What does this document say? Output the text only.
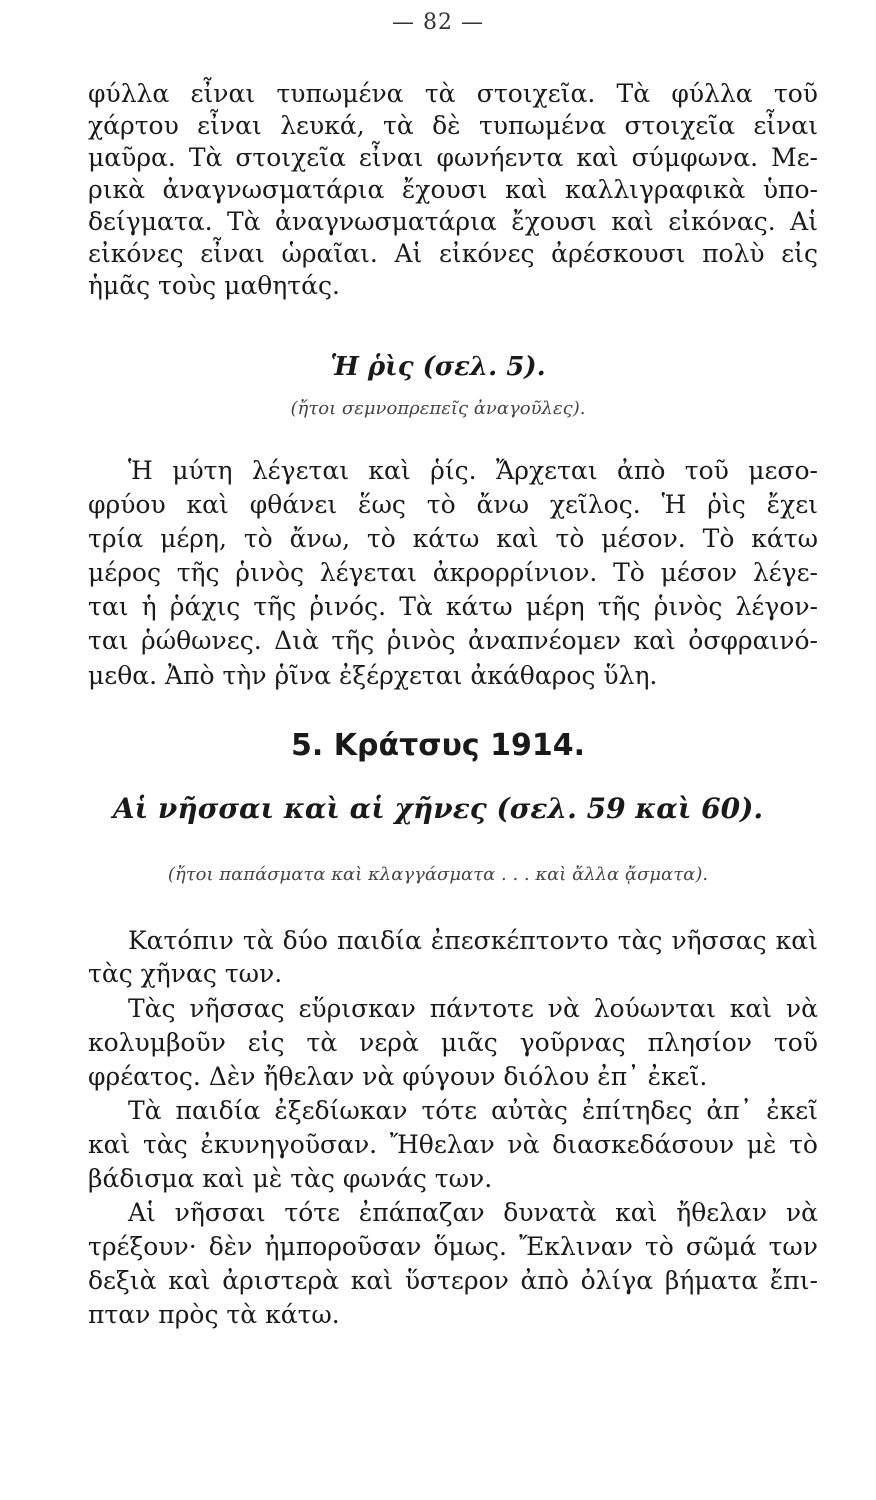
— 82 —
φύλλα εἶναι τυπωμένα τὰ στοιχεῖα. Τὰ φύλλα τοῦ
χάρτου εἶναι λευκά, τὰ δὲ τυπωμένα στοιχεῖα εἶναι
μαῦρα. Τὰ στοιχεῖα εἶναι φωνήεντα καὶ σύμφωνα. Με-
ρικὰ ἀναγνωσματάρια ἔχουσι καὶ καλλιγραφικὰ ὑπο-
δείγματα. Τὰ ἀναγνωσματάρια ἔχουσι καὶ εἰκόνας. Αἱ
εἰκόνες εἶναι ὡραῖαι. Αἱ εἰκόνες ἀρέσκουσι πολὺ εἰς
ἡμᾶς τοὺς μαθητάς.
Ἡ ῥὶς (σελ. 5).
(ἤτοι σεμνοπρεπεῖς ἀναγοῦλες).
Ἡ μύτη λέγεται καὶ ῥίς. Ἄρχεται ἀπὸ τοῦ μεσο-
φρύου καὶ φθάνει ἕως τὸ ἄνω χεῖλος. Ἡ ῥὶς ἔχει
τρία μέρη, τὸ ἄνω, τὸ κάτω καὶ τὸ μέσον. Τὸ κάτω
μέρος τῆς ῥινὸς λέγεται ἀκρορρίνιον. Τὸ μέσον λέγε-
ται ἡ ῥάχις τῆς ῥινός. Τὰ κάτω μέρη τῆς ῥινὸς λέγον-
ται ῥώθωνες. Διὰ τῆς ῥινὸς ἀναπνέομεν καὶ ὀσφραινό-
μεθα. Ἀπὸ τὴν ῥῖνα ἐξέρχεται ἀκάθαρος ὕλη.
5. Κράτσυς 1914.
Αἱ νῆσσαι καὶ αἱ χῆνες (σελ. 59 καὶ 60).
(ἤτοι παπάσματα καὶ κλαγγάσματα . . . καὶ ἄλλα ᾄσματα).
Κατόπιν τὰ δύο παιδία ἐπεσκέπτοντο τὰς νῆσσας καὶ
τὰς χῆνας των.
Τὰς νῆσσας εὕρισκαν πάντοτε νὰ λούωνται καὶ νὰ
κολυμβοῦν εἰς τὰ νερὰ μιᾶς γοῦρνας πλησίον τοῦ
φρέατος. Δὲν ἤθελαν νὰ φύγουν διόλου ἐπ᾽ ἐκεῖ.
Τὰ παιδία ἐξεδίωκαν τότε αὐτὰς ἐπίτηδες ἀπ᾽ ἐκεῖ
καὶ τὰς ἐκυνηγοῦσαν. Ἤθελαν νὰ διασκεδάσουν μὲ τὸ
βάδισμα καὶ μὲ τὰς φωνάς των.
Αἱ νῆσσαι τότε ἐπάπαζαν δυνατὰ καὶ ἤθελαν νὰ
τρέξουν· δὲν ἠμποροῦσαν ὅμως. Ἔκλιναν τὸ σῶμά των
δεξιὰ καὶ ἀριστερὰ καὶ ὕστερον ἀπὸ ὀλίγα βήματα ἔπι-
πταν πρὸς τὰ κάτω.
